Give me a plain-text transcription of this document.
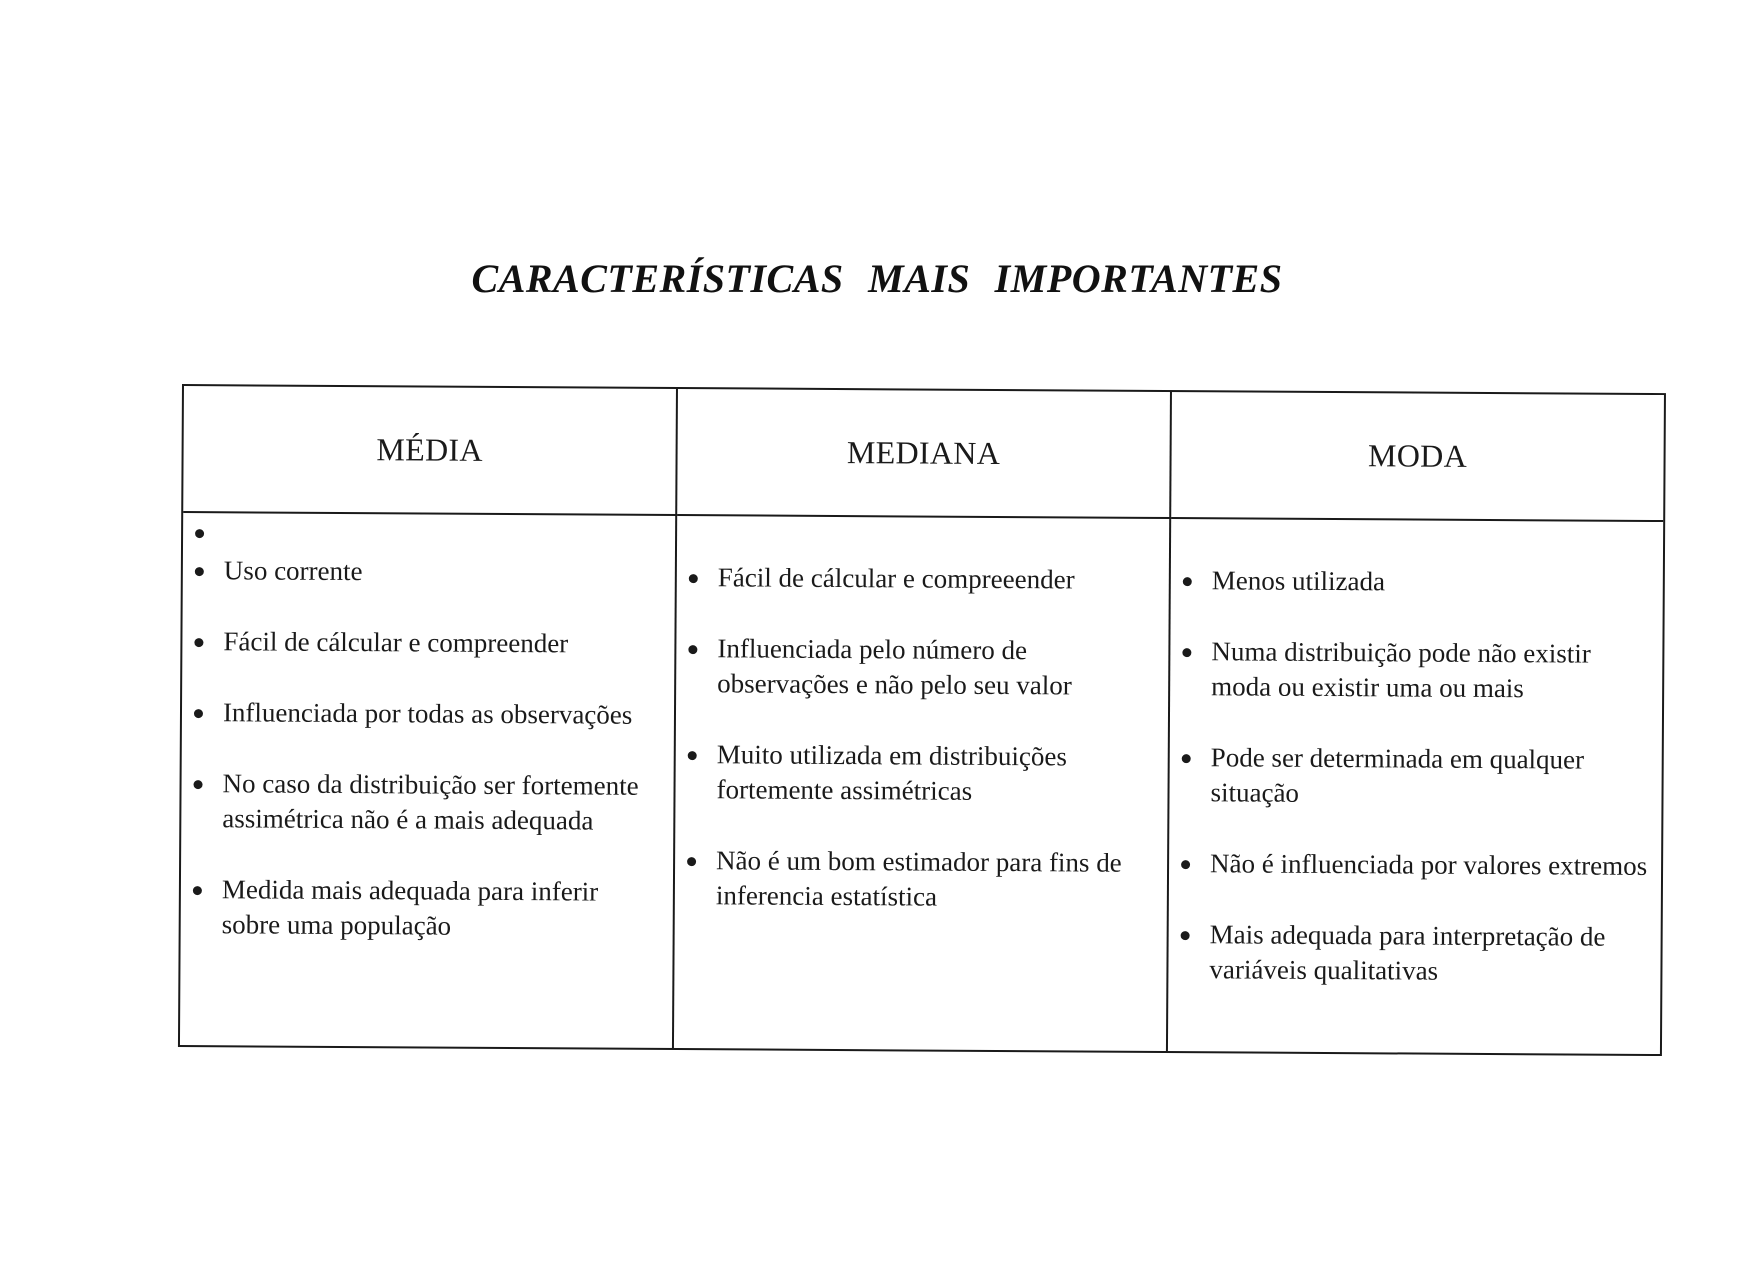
CARACTERÍSTICAS MAIS IMPORTANTES
MÉDIA	MEDIANA	MODA
Uso corrente
Fácil de cálcular e compreender
Influenciada por todas as observações
No caso da distribuição ser fortemente assimétrica não é a mais adequada
Medida mais adequada para inferir sobre uma população
Fácil de cálcular e compreeender
Influenciada pelo número de observações e não pelo seu valor
Muito utilizada em distribuições fortemente assimétricas
Não é um bom estimador para fins de inferencia estatística
Menos utilizada
Numa distribuição pode não existir moda ou existir uma ou mais
Pode ser determinada em qualquer situação
Não é influenciada por valores extremos
Mais adequada para interpretação de variáveis qualitativas
